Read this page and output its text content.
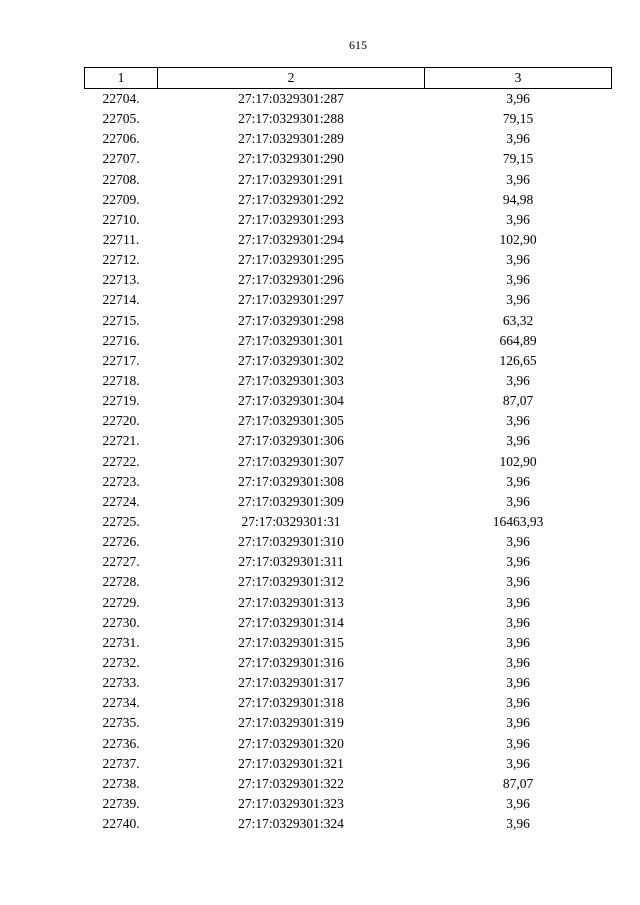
615
1	2	3
22704.	27:17:0329301:287	3,96
22705.	27:17:0329301:288	79,15
22706.	27:17:0329301:289	3,96
22707.	27:17:0329301:290	79,15
22708.	27:17:0329301:291	3,96
22709.	27:17:0329301:292	94,98
22710.	27:17:0329301:293	3,96
22711.	27:17:0329301:294	102,90
22712.	27:17:0329301:295	3,96
22713.	27:17:0329301:296	3,96
22714.	27:17:0329301:297	3,96
22715.	27:17:0329301:298	63,32
22716.	27:17:0329301:301	664,89
22717.	27:17:0329301:302	126,65
22718.	27:17:0329301:303	3,96
22719.	27:17:0329301:304	87,07
22720.	27:17:0329301:305	3,96
22721.	27:17:0329301:306	3,96
22722.	27:17:0329301:307	102,90
22723.	27:17:0329301:308	3,96
22724.	27:17:0329301:309	3,96
22725.	27:17:0329301:31	16463,93
22726.	27:17:0329301:310	3,96
22727.	27:17:0329301:311	3,96
22728.	27:17:0329301:312	3,96
22729.	27:17:0329301:313	3,96
22730.	27:17:0329301:314	3,96
22731.	27:17:0329301:315	3,96
22732.	27:17:0329301:316	3,96
22733.	27:17:0329301:317	3,96
22734.	27:17:0329301:318	3,96
22735.	27:17:0329301:319	3,96
22736.	27:17:0329301:320	3,96
22737.	27:17:0329301:321	3,96
22738.	27:17:0329301:322	87,07
22739.	27:17:0329301:323	3,96
22740.	27:17:0329301:324	3,96
